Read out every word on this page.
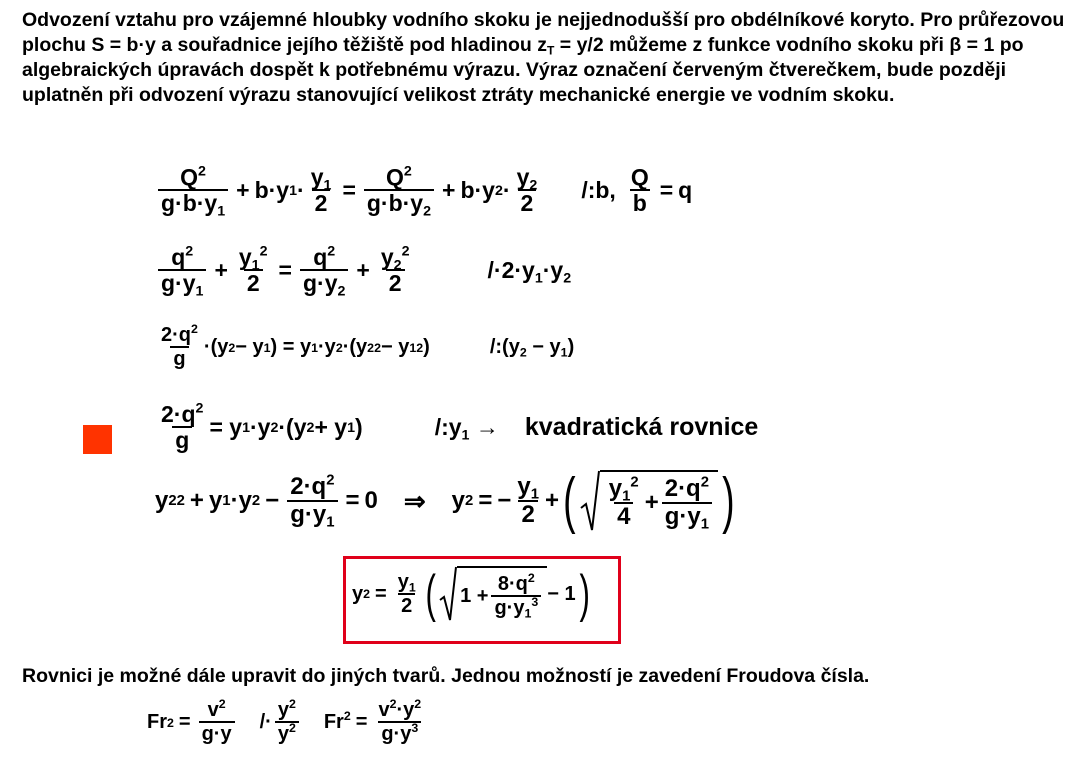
Odvození vztahu pro vzájemné hloubky vodního skoku je nejjednodušší pro obdélníkové koryto. Pro průřezovou plochu S = b·y a souřadnice jejího těžiště pod hladinou $z_T = y/2$ můžeme z funkce vodního skoku při β = 1 po algebraických úpravách dospět k potřebnému výrazu. Výraz označení červeným čtverečkem, bude později uplatněn při odvození výrazu stanovující velikost ztráty mechanické energie ve vodním skoku.

$\frac{Q^2}{g\cdot b\cdot y_1} + b\cdot y$ $1 \cdot \frac{y_1}{2} = \frac{Q^2}{g\cdot b\cdot y_2} + b\cdot y$ $2 \cdot \frac{y_2}{2}$ /:b, $\frac{Q}{b} = q$
$\frac{q^2}{g\cdot y_1} + \frac{y_1^2}{2} = \frac{q^2}{g\cdot y_2} + \frac{y_2^2}{2}$	$/\cdot 2\cdot y_1\cdot y_2$
$\frac{2\cdot q^2}{g} \cdot(y$ 2 − y 1 ) = y 1 ·y 2 ·(y 2 2 − y 1 2 )	$/:(y_2 - y_1)$
$\frac{2\cdot q^2}{g} = y$ 1 ·y 2 ·(y 2 + y 1 )	$/:y_1$ → kvadratická rovnice
y 2 2 + y 1 ·y $2 - \frac{2\cdot q^2}{g\cdot y_1} = 0$ ⇒ y 2 = − $\frac{y_1}{2}$ + ( $\frac{y_1^2}{4} + \frac{2\cdot q^2}{g\cdot y_1}$ )
y $2 = \frac{y_1}{2}$ ( $1 + \frac{8\cdot q^2}{g\cdot y_1^3} - 1$ )

Rovnici je možné dále upravit do jiných tvarů. Jednou možností je zavedení Froudova čísla.

Fr $2 = \frac{v^2}{g\cdot y} /\cdot \frac{y^2}{y^2} Fr^2 = \frac{v^2\cdot y^2}{g\cdot y^3}$
